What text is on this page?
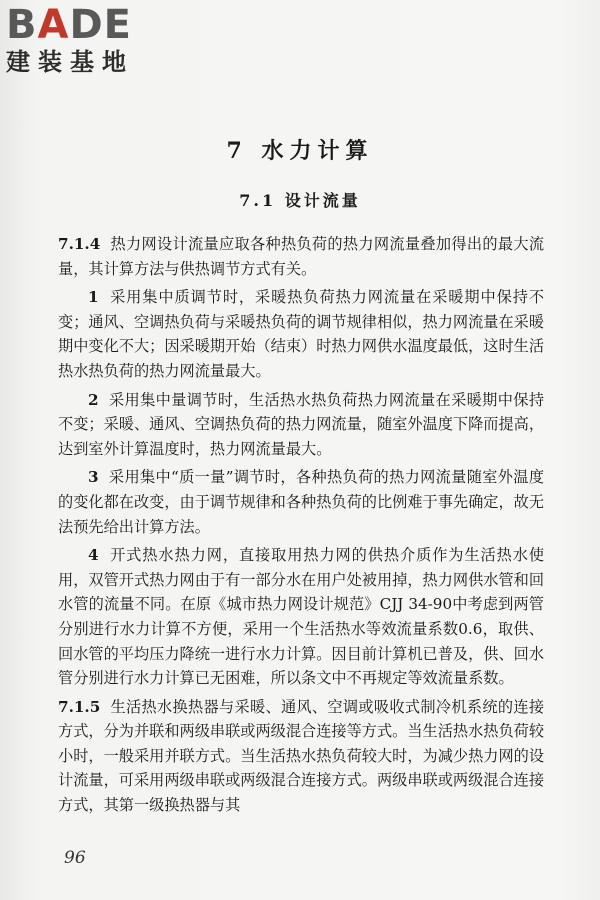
BADE
建装基地
7 水力计算
7.1 设计流量

7.1.4 热力网设计流量应取各种热负荷的热力网流量叠加得出的最大流量，其计算方法与供热调节方式有关。

1 采用集中质调节时，采暖热负荷热力网流量在采暖期中保持不变；通风、空调热负荷与采暖热负荷的调节规律相似，热力网流量在采暖期中变化不大；因采暖期开始（结束）时热力网供水温度最低，这时生活热水热负荷的热力网流量最大。

2 采用集中量调节时，生活热水热负荷热力网流量在采暖期中保持不变；采暖、通风、空调热负荷的热力网流量，随室外温度下降而提高，达到室外计算温度时，热力网流量最大。

3 采用集中“质一量”调节时，各种热负荷的热力网流量随室外温度的变化都在改变，由于调节规律和各种热负荷的比例难于事先确定，故无法预先给出计算方法。

4 开式热水热力网，直接取用热力网的供热介质作为生活热水使用，双管开式热力网由于有一部分水在用户处被用掉，热力网供水管和回水管的流量不同。在原《城市热力网设计规范》CJJ 34-90中考虑到两管分别进行水力计算不方便，采用一个生活热水等效流量系数0.6，取供、回水管的平均压力降统一进行水力计算。因目前计算机已普及，供、回水管分别进行水力计算已无困难，所以条文中不再规定等效流量系数。

7.1.5 生活热水换热器与采暖、通风、空调或吸收式制冷机系统的连接方式，分为并联和两级串联或两级混合连接等方式。当生活热水热负荷较小时，一般采用并联方式。当生活热水热负荷较大时，为减少热力网的设计流量，可采用两级串联或两级混合连接方式。两级串联或两级混合连接方式，其第一级换热器与其

96
